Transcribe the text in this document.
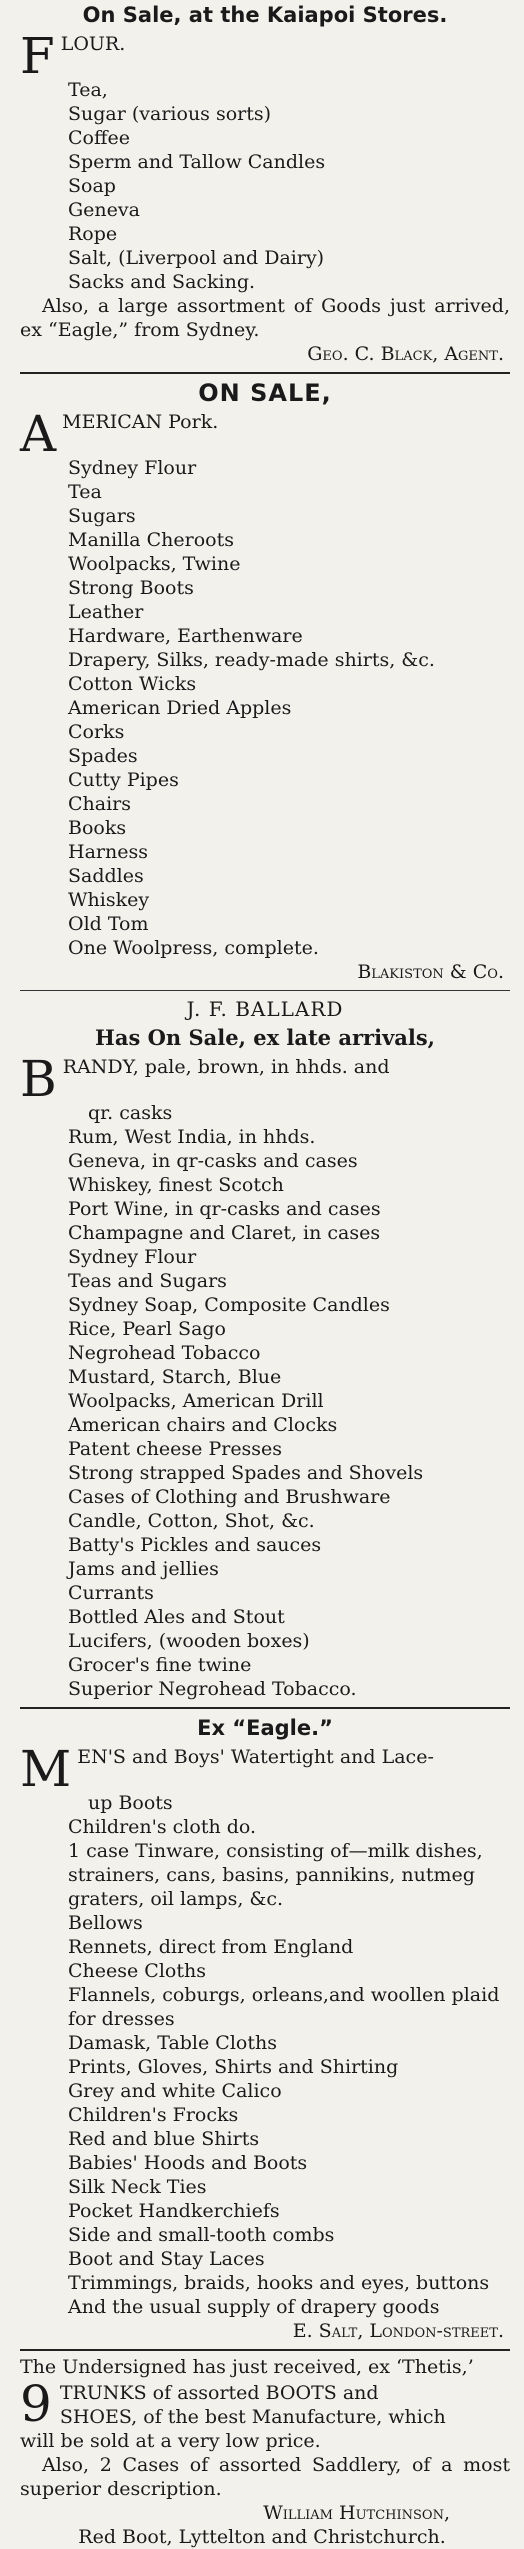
On Sale, at the Kaiapoi Stores.
F LOUR.
Tea,
Sugar (various sorts)
Coffee
Sperm and Tallow Candles
Soap
Geneva
Rope
Salt, (Liverpool and Dairy)
Sacks and Sacking.
Also, a large assortment of Goods just arrived, ex “Eagle,” from Sydney.
Geo. C. Black, Agent.
ON SALE,
A MERICAN Pork.
Sydney Flour
Tea
Sugars
Manilla Cheroots
Woolpacks, Twine
Strong Boots
Leather
Hardware, Earthenware
Drapery, Silks, ready-made shirts, &c.
Cotton Wicks
American Dried Apples
Corks
Spades
Cutty Pipes
Chairs
Books
Harness
Saddles
Whiskey
Old Tom
One Woolpress, complete.
Blakiston & Co.
J. F. BALLARD
Has On Sale, ex late arrivals,
B RANDY, pale, brown, in hhds. and
qr. casks
Rum, West India, in hhds.
Geneva, in qr-casks and cases
Whiskey, finest Scotch
Port Wine, in qr-casks and cases
Champagne and Claret, in cases
Sydney Flour
Teas and Sugars
Sydney Soap, Composite Candles
Rice, Pearl Sago
Negrohead Tobacco
Mustard, Starch, Blue
Woolpacks, American Drill
American chairs and Clocks
Patent cheese Presses
Strong strapped Spades and Shovels
Cases of Clothing and Brushware
Candle, Cotton, Shot, &c.
Batty's Pickles and sauces
Jams and jellies
Currants
Bottled Ales and Stout
Lucifers, (wooden boxes)
Grocer's fine twine
Superior Negrohead Tobacco.
Ex “Eagle.”
M EN'S and Boys' Watertight and Lace-
up Boots
Children's cloth do.
1 case Tinware, consisting of—milk dishes, strainers, cans, basins, pannikins, nutmeg graters, oil lamps, &c.
Bellows
Rennets, direct from England
Cheese Cloths
Flannels, coburgs, orleans,and woollen plaid for dresses
Damask, Table Cloths
Prints, Gloves, Shirts and Shirting
Grey and white Calico
Children's Frocks
Red and blue Shirts
Babies' Hoods and Boots
Silk Neck Ties
Pocket Handkerchiefs
Side and small-tooth combs
Boot and Stay Laces
Trimmings, braids, hooks and eyes, buttons
And the usual supply of drapery goods
E. Salt, London-street.
The Undersigned has just received, ex ‘Thetis,’
9 TRUNKS of assorted BOOTS and
SHOES, of the best Manufacture, which
will be sold at a very low price.
Also, 2 Cases of assorted Saddlery, of a most superior description.
William Hutchinson,
Red Boot, Lyttelton and Christchurch.
